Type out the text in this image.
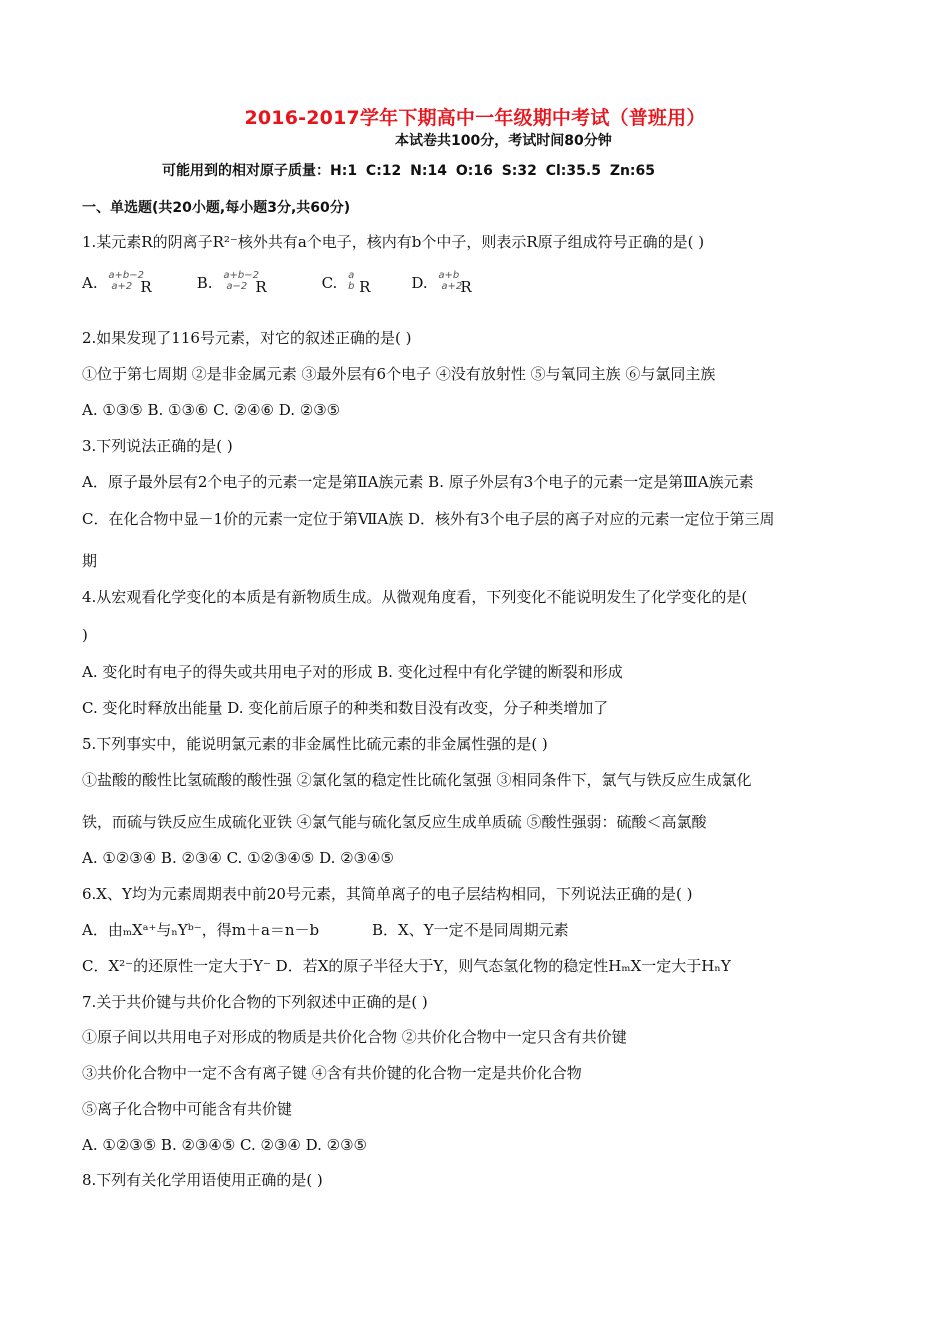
2016-2017学年下期高中一年级期中考试（普班用）
本试卷共100分，考试时间80分钟
可能用到的相对原子质量：H:1 C:12 N:14 O:16 S:32 Cl:35.5 Zn:65
一、单选题(共20小题,每小题3分,共60分)
1.某元素R的阴离子R²⁻核外共有a个电子，核内有b个中子，则表示R原子组成符号正确的是( )
A. a+b−2
a+2 R	B. a+b−2
a−2 R	C. a
b R	D. a+b
a+2
R
2.如果发现了116号元素，对它的叙述正确的是( )
①位于第七周期 ②是非金属元素 ③最外层有6个电子 ④没有放射性 ⑤与氧同主族 ⑥与氯同主族
A. ①③⑤ B. ①③⑥ C. ②④⑥ D. ②③⑤
3.下列说法正确的是( )
A．原子最外层有2个电子的元素一定是第ⅡA族元素 B. 原子外层有3个电子的元素一定是第ⅢA族元素
C．在化合物中显－1价的元素一定位于第ⅦA族 D．核外有3个电子层的离子对应的元素一定位于第三周
期
4.从宏观看化学变化的本质是有新物质生成。从微观角度看，下列变化不能说明发生了化学变化的是(
)
A. 变化时有电子的得失或共用电子对的形成 B. 变化过程中有化学键的断裂和形成
C. 变化时释放出能量 D. 变化前后原子的种类和数目没有改变，分子种类增加了
5.下列事实中，能说明氯元素的非金属性比硫元素的非金属性强的是( )
①盐酸的酸性比氢硫酸的酸性强 ②氯化氢的稳定性比硫化氢强 ③相同条件下，氯气与铁反应生成氯化
铁，而硫与铁反应生成硫化亚铁 ④氯气能与硫化氢反应生成单质硫 ⑤酸性强弱：硫酸＜高氯酸
A. ①②③④ B. ②③④ C. ①②③④⑤ D. ②③④⑤
6.X、Y均为元素周期表中前20号元素，其简单离子的电子层结构相同，下列说法正确的是( )
A．由ₘXᵃ⁺与ₙYᵇ⁻，得m＋a＝n－b	B．X、Y一定不是同周期元素
C．X²⁻的还原性一定大于Y⁻ D．若X的原子半径大于Y，则气态氢化物的稳定性HₘX一定大于HₙY
7.关于共价键与共价化合物的下列叙述中正确的是( )
①原子间以共用电子对形成的物质是共价化合物 ②共价化合物中一定只含有共价键
③共价化合物中一定不含有离子键 ④含有共价键的化合物一定是共价化合物
⑤离子化合物中可能含有共价键
A. ①②③⑤ B. ②③④⑤ C. ②③④ D. ②③⑤
8.下列有关化学用语使用正确的是( )
